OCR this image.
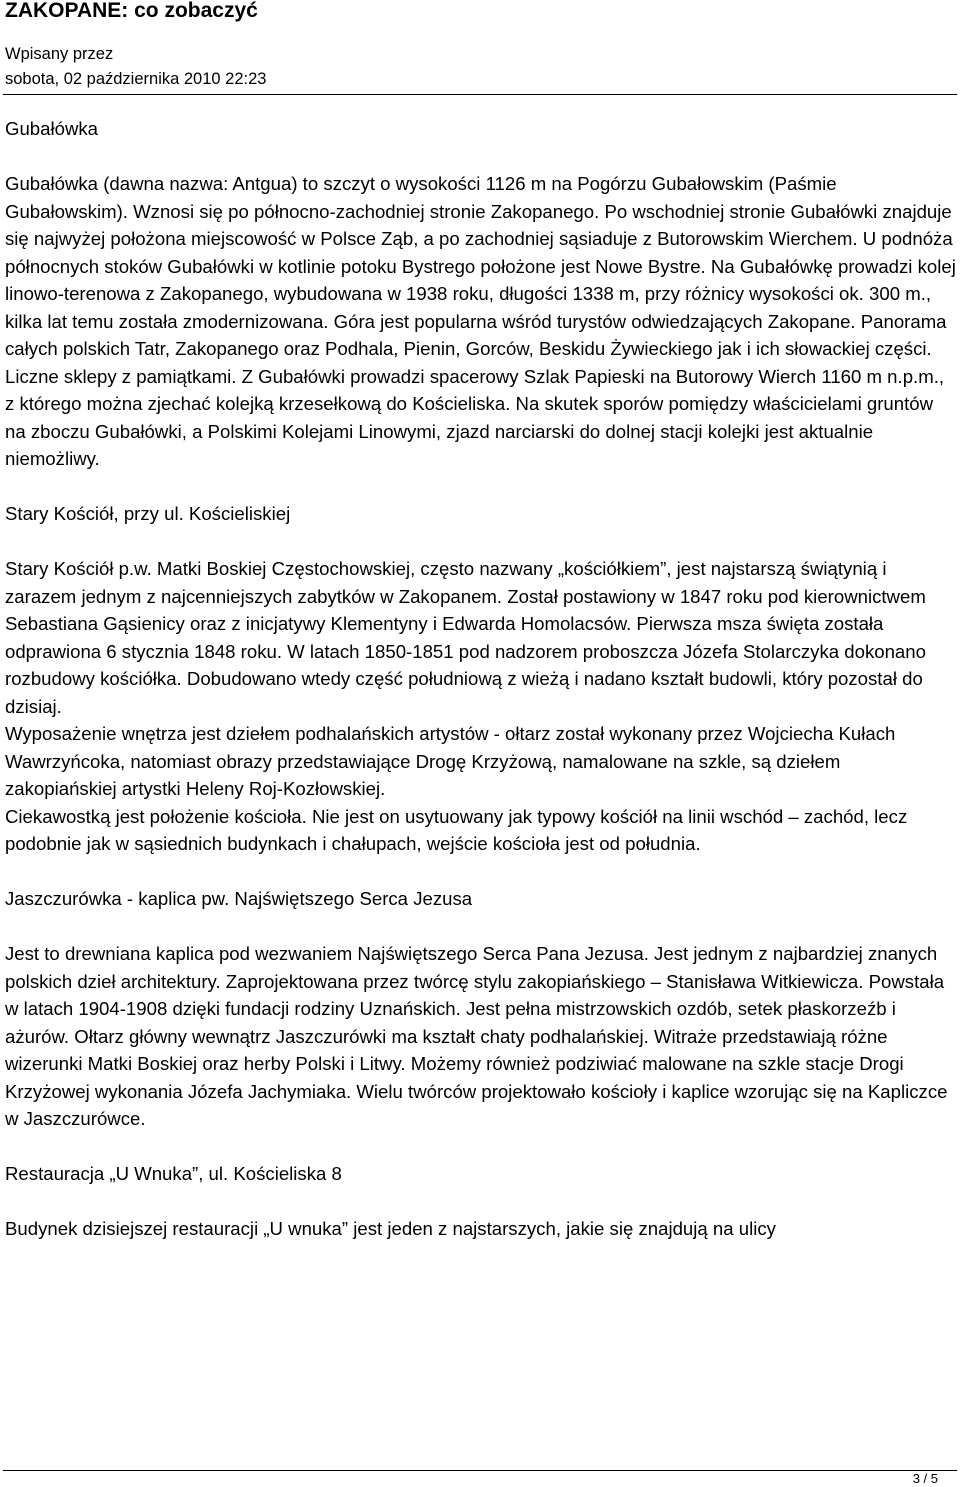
ZAKOPANE: co zobaczyć
Wpisany przez
sobota, 02 października 2010 22:23

Gubałówka

Gubałówka (dawna nazwa: Antgua) to szczyt o wysokości 1126 m na Pogórzu Gubałowskim (Paśmie Gubałowskim). Wznosi się po północno-zachodniej stronie Zakopanego. Po wschodniej stronie Gubałówki znajduje się najwyżej położona miejscowość w Polsce Ząb, a po zachodniej sąsiaduje z Butorowskim Wierchem. U podnóża północnych stoków Gubałówki w kotlinie potoku Bystrego położone jest Nowe Bystre. Na Gubałówkę prowadzi kolej linowo-terenowa z Zakopanego, wybudowana w 1938 roku, długości 1338 m, przy różnicy wysokości ok. 300 m., kilka lat temu została zmodernizowana. Góra jest popularna wśród turystów odwiedzających Zakopane. Panorama całych polskich Tatr, Zakopanego oraz Podhala, Pienin, Gorców, Beskidu Żywieckiego jak i ich słowackiej części. Liczne sklepy z pamiątkami. Z Gubałówki prowadzi spacerowy Szlak Papieski na Butorowy Wierch 1160 m n.p.m., z którego można zjechać kolejką krzesełkową do Kościeliska. Na skutek sporów pomiędzy właścicielami gruntów na zboczu Gubałówki, a Polskimi Kolejami Linowymi, zjazd narciarski do dolnej stacji kolejki jest aktualnie niemożliwy.

Stary Kościół, przy ul. Kościeliskiej

Stary Kościół p.w. Matki Boskiej Częstochowskiej, często nazwany „kościółkiem”, jest najstarszą świątynią i zarazem jednym z najcenniejszych zabytków w Zakopanem. Został postawiony w 1847 roku pod kierownictwem Sebastiana Gąsienicy oraz z inicjatywy Klementyny i Edwarda Homolacsów. Pierwsza msza święta została odprawiona 6 stycznia 1848 roku. W latach 1850-1851 pod nadzorem proboszcza Józefa Stolarczyka dokonano rozbudowy kościółka. Dobudowano wtedy część południową z wieżą i nadano kształt budowli, który pozostał do dzisiaj.

Wyposażenie wnętrza jest dziełem podhalańskich artystów - ołtarz został wykonany przez Wojciecha Kułach Wawrzyńcoka, natomiast obrazy przedstawiające Drogę Krzyżową, namalowane na szkle, są dziełem zakopiańskiej artystki Heleny Roj-Kozłowskiej.

Ciekawostką jest położenie kościoła. Nie jest on usytuowany jak typowy kościół na linii wschód – zachód, lecz podobnie jak w sąsiednich budynkach i chałupach, wejście kościoła jest od południa.

Jaszczurówka - kaplica pw. Najświętszego Serca Jezusa

Jest to drewniana kaplica pod wezwaniem Najświętszego Serca Pana Jezusa. Jest jednym z najbardziej znanych polskich dzieł architektury. Zaprojektowana przez twórcę stylu zakopiańskiego – Stanisława Witkiewicza. Powstała w latach 1904-1908 dzięki fundacji rodziny Uznańskich. Jest pełna mistrzowskich ozdób, setek płaskorzeźb i ażurów. Ołtarz główny wewnątrz Jaszczurówki ma kształt chaty podhalańskiej. Witraże przedstawiają różne wizerunki Matki Boskiej oraz herby Polski i Litwy. Możemy również podziwiać malowane na szkle stacje Drogi Krzyżowej wykonania Józefa Jachymiaka. Wielu twórców projektowało kościoły i kaplice wzorując się na Kapliczce w Jaszczurówce.

Restauracja „U Wnuka”, ul. Kościeliska 8

Budynek dzisiejszej restauracji „U wnuka” jest jeden z najstarszych, jakie się znajdują na ulicy

3 / 5
